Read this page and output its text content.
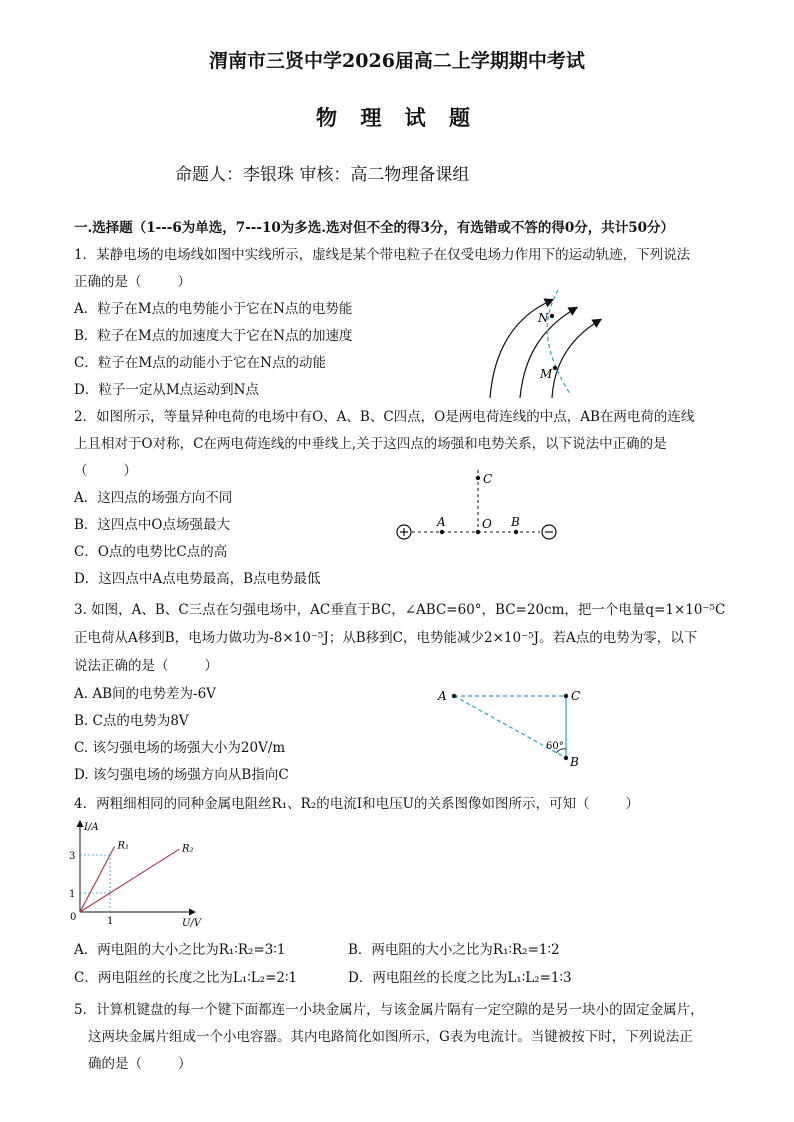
渭南市三贤中学2026届高二上学期期中考试
物 理 试 题
命题人：李银珠 审核：高二物理备课组
一.选择题（1---6为单选，7---10为多选.选对但不全的得3分，有选错或不答的得0分，共计50分）
1．某静电场的电场线如图中实线所示，虚线是某个带电粒子在仅受电场力作用下的运动轨迹，下列说法
正确的是（	）
A．粒子在M点的电势能小于它在N点的电势能
B．粒子在M点的加速度大于它在N点的加速度
C．粒子在M点的动能小于它在N点的动能
D．粒子一定从M点运动到N点
N
M
2．如图所示，等量异种电荷的电场中有O、A、B、C四点，O是两电荷连线的中点，AB在两电荷的连线
上且相对于O对称，C在两电荷连线的中垂线上,关于这四点的场强和电势关系，以下说法中正确的是
（	）
A．这四点的场强方向不同
B．这四点中O点场强最大
C．O点的电势比C点的高
D．这四点中A点电势最高，B点电势最低
C
A	O B
3. 如图，A、B、C三点在匀强电场中，AC垂直于BC，∠ABC=60°，BC=20cm，把一个电量q=1×10⁻⁵C
正电荷从A移到B，电场力做功为-8×10⁻⁵J；从B移到C，电势能减少2×10⁻⁵J。若A点的电势为零，以下
说法正确的是（	）
A. AB间的电势差为-6V
B. C点的电势为8V
C. 该匀强电场的场强大小为20V/m
D. 该匀强电场的场强方向从B指向C
A	C
B
60°
4．两粗细相同的同种金属电阻丝R₁、R₂的电流I和电压U的关系图像如图所示，可知（	）
I/A
U/V
0
1
3
1
R₁	R₂
A．两电阻的大小之比为R₁∶R₂=3∶1	B．两电阻的大小之比为R₁∶R₂=1∶2
C．两电阻丝的长度之比为L₁∶L₂=2∶1	D．两电阻丝的长度之比为L₁∶L₂=1∶3
5．计算机键盘的每一个键下面都连一小块金属片，与该金属片隔有一定空隙的是另一块小的固定金属片，
这两块金属片组成一个小电容器。其内电路简化如图所示，G表为电流计。当键被按下时，下列说法正
确的是（	）
